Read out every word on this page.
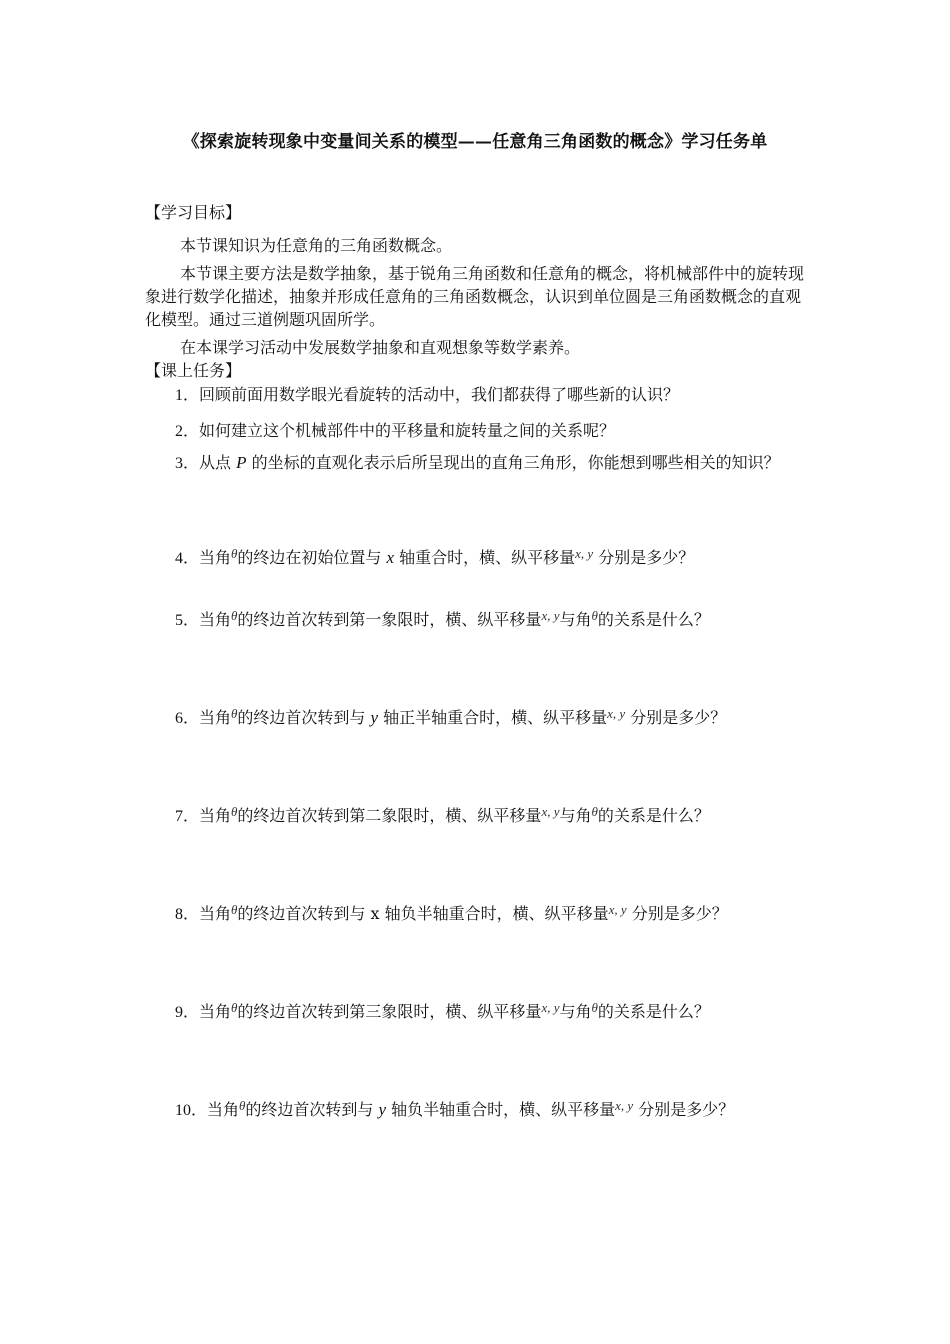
《探索旋转现象中变量间关系的模型——任意角三角函数的概念》学习任务单
【学习目标】

本节课知识为任意角的三角函数概念。

本节课主要方法是数学抽象，基于锐角三角函数和任意角的概念，将机械部件中的旋转现象进行数学化描述，抽象并形成任意角的三角函数概念，认识到单位圆是三角函数概念的直观化模型。通过三道例题巩固所学。

在本课学习活动中发展数学抽象和直观想象等数学素养。

【课上任务】

1．回顾前面用数学眼光看旋转的活动中，我们都获得了哪些新的认识？

2．如何建立这个机械部件中的平移量和旋转量之间的关系呢？

3．从点 P 的坐标的直观化表示后所呈现出的直角三角形，你能想到哪些相关的知识？

4．当角$^\theta$的终边在初始位置与 x 轴重合时，横、纵平移量$^{x, y}$ 分别是多少？

5．当角$^\theta$的终边首次转到第一象限时，横、纵平移量$^{x, y}$与角$^\theta$的关系是什么？

6．当角$^\theta$的终边首次转到与 y 轴正半轴重合时，横、纵平移量$^{x, y}$ 分别是多少？

7．当角$^\theta$的终边首次转到第二象限时，横、纵平移量$^{x, y}$与角$^\theta$的关系是什么？

8．当角$^\theta$的终边首次转到与 x 轴负半轴重合时，横、纵平移量$^{x, y}$ 分别是多少？

9．当角$^\theta$的终边首次转到第三象限时，横、纵平移量$^{x, y}$与角$^\theta$的关系是什么？

10．当角$^\theta$的终边首次转到与 y 轴负半轴重合时，横、纵平移量$^{x, y}$ 分别是多少？
